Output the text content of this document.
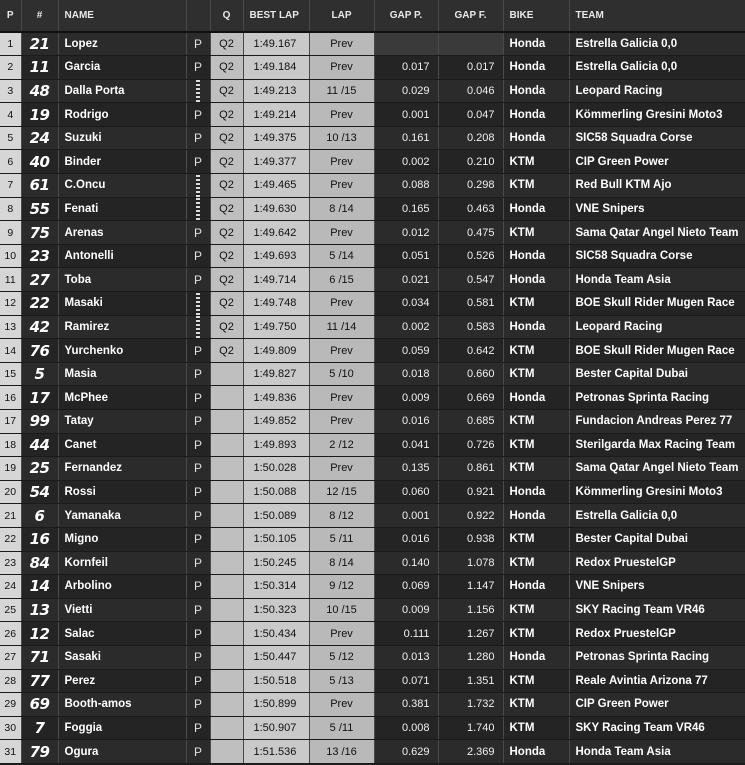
P	#	NAME		Q	BEST LAP	LAP	GAP P.	GAP F.	BIKE	TEAM
1	21	Lopez	P	Q2	1:49.167	Prev			Honda	Estrella Galicia 0,0
2	11	Garcia	P	Q2	1:49.184	Prev	0.017	0.017	Honda	Estrella Galicia 0,0
3	48	Dalla Porta		Q2	1:49.213	11 /15	0.029	0.046	Honda	Leopard Racing
4	19	Rodrigo	P	Q2	1:49.214	Prev	0.001	0.047	Honda	Kömmerling Gresini Moto3
5	24	Suzuki	P	Q2	1:49.375	10 /13	0.161	0.208	Honda	SIC58 Squadra Corse
6	40	Binder	P	Q2	1:49.377	Prev	0.002	0.210	KTM	CIP Green Power
7	61	C.Oncu		Q2	1:49.465	Prev	0.088	0.298	KTM	Red Bull KTM Ajo
8	55	Fenati		Q2	1:49.630	8 /14	0.165	0.463	Honda	VNE Snipers
9	75	Arenas	P	Q2	1:49.642	Prev	0.012	0.475	KTM	Sama Qatar Angel Nieto Team
10	23	Antonelli	P	Q2	1:49.693	5 /14	0.051	0.526	Honda	SIC58 Squadra Corse
11	27	Toba	P	Q2	1:49.714	6 /15	0.021	0.547	Honda	Honda Team Asia
12	22	Masaki		Q2	1:49.748	Prev	0.034	0.581	KTM	BOE Skull Rider Mugen Race
13	42	Ramirez		Q2	1:49.750	11 /14	0.002	0.583	Honda	Leopard Racing
14	76	Yurchenko	P	Q2	1:49.809	Prev	0.059	0.642	KTM	BOE Skull Rider Mugen Race
15	5	Masia	P		1:49.827	5 /10	0.018	0.660	KTM	Bester Capital Dubai
16	17	McPhee	P		1:49.836	Prev	0.009	0.669	Honda	Petronas Sprinta Racing
17	99	Tatay	P		1:49.852	Prev	0.016	0.685	KTM	Fundacion Andreas Perez 77
18	44	Canet	P		1:49.893	2 /12	0.041	0.726	KTM	Sterilgarda Max Racing Team
19	25	Fernandez	P		1:50.028	Prev	0.135	0.861	KTM	Sama Qatar Angel Nieto Team
20	54	Rossi	P		1:50.088	12 /15	0.060	0.921	Honda	Kömmerling Gresini Moto3
21	6	Yamanaka	P		1:50.089	8 /12	0.001	0.922	Honda	Estrella Galicia 0,0
22	16	Migno	P		1:50.105	5 /11	0.016	0.938	KTM	Bester Capital Dubai
23	84	Kornfeil	P		1:50.245	8 /14	0.140	1.078	KTM	Redox PruestelGP
24	14	Arbolino	P		1:50.314	9 /12	0.069	1.147	Honda	VNE Snipers
25	13	Vietti	P		1:50.323	10 /15	0.009	1.156	KTM	SKY Racing Team VR46
26	12	Salac	P		1:50.434	Prev	0.111	1.267	KTM	Redox PruestelGP
27	71	Sasaki	P		1:50.447	5 /12	0.013	1.280	Honda	Petronas Sprinta Racing
28	77	Perez	P		1:50.518	5 /13	0.071	1.351	KTM	Reale Avintia Arizona 77
29	69	Booth-amos	P		1:50.899	Prev	0.381	1.732	KTM	CIP Green Power
30	7	Foggia	P		1:50.907	5 /11	0.008	1.740	KTM	SKY Racing Team VR46
31	79	Ogura	P		1:51.536	13 /16	0.629	2.369	Honda	Honda Team Asia
